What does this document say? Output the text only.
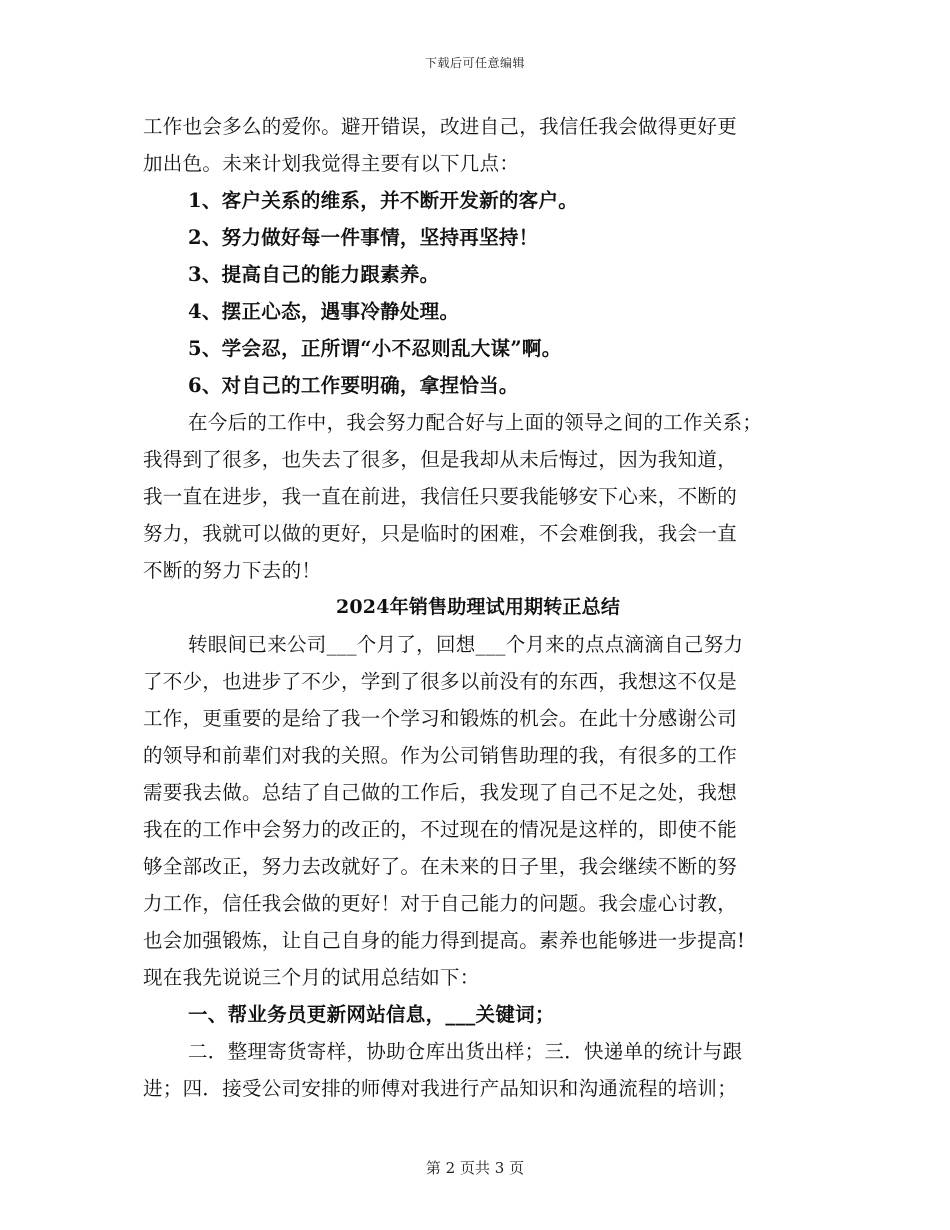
下载后可任意编辑
工作也会多么的爱你。避开错误，改进自己，我信任我会做得更好更
加出色。未来计划我觉得主要有以下几点：
1、客户关系的维系，并不断开发新的客户。
2、努力做好每一件事情，坚持再坚持！
3、提高自己的能力跟素养。
4、摆正心态，遇事冷静处理。
5、学会忍，正所谓“小不忍则乱大谋”啊。
6、对自己的工作要明确，拿捏恰当。
在今后的工作中，我会努力配合好与上面的领导之间的工作关系；
我得到了很多，也失去了很多，但是我却从未后悔过，因为我知道，
我一直在进步，我一直在前进，我信任只要我能够安下心来，不断的
努力，我就可以做的更好，只是临时的困难，不会难倒我，我会一直
不断的努力下去的！
2024年销售助理试用期转正总结
转眼间已来公司___个月了，回想___个月来的点点滴滴自己努力
了不少，也进步了不少，学到了很多以前没有的东西，我想这不仅是
工作，更重要的是给了我一个学习和锻炼的机会。在此十分感谢公司
的领导和前辈们对我的关照。作为公司销售助理的我，有很多的工作
需要我去做。总结了自己做的工作后，我发现了自己不足之处，我想
我在的工作中会努力的改正的，不过现在的情况是这样的，即使不能
够全部改正，努力去改就好了。在未来的日子里，我会继续不断的努
力工作，信任我会做的更好！对于自己能力的问题。我会虚心讨教，
也会加强锻炼，让自己自身的能力得到提高。素养也能够进一步提高!
现在我先说说三个月的试用总结如下：
一、帮业务员更新网站信息，___关键词；
二．整理寄货寄样，协助仓库出货出样；三．快递单的统计与跟
进；四．接受公司安排的师傅对我进行产品知识和沟通流程的培训；
第 2 页共 3 页
